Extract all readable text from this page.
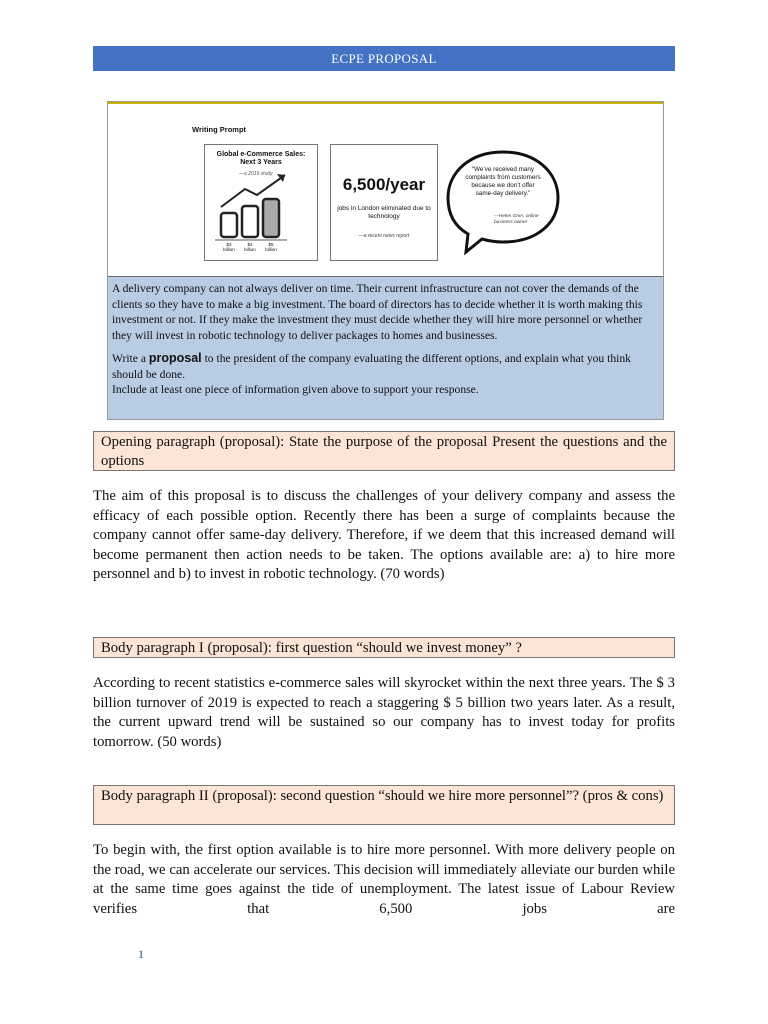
ECPE PROPOSAL
Writing Prompt
Global e-Commerce Sales: Next 3 Years
—a 2019 study
$3 billion
$4 billion
$5 billion
6,500/year
jobs in London eliminated due to technology
—a recent news report
“We’ve received many complaints from customers because we don’t offer same-day delivery.”
—Helen Grier, online business owner

A delivery company can not always deliver on time. Their current infrastructure can not cover the demands of the clients so they have to make a big investment. The board of directors has to decide whether it is worth making this investment or not. If they make the investment they must decide whether they will hire more personnel or whether they will invest in robotic technology to deliver packages to homes and businesses.

Write a proposal to the president of the company evaluating the different options, and explain what you think should be done.

Include at least one piece of information given above to support your response.

Opening paragraph (proposal): State the purpose of the proposal Present the questions and the options
The aim of this proposal is to discuss the challenges of your delivery company and assess the efficacy of each possible option. Recently there has been a surge of complaints because the company cannot offer same-day delivery. Therefore, if we deem that this increased demand will become permanent then action needs to be taken. The options available are: a) to hire more personnel and b) to invest in robotic technology. (70 words)
Body paragraph I (proposal): first question “should we invest money” ?
According to recent statistics e-commerce sales will skyrocket within the next three years. The $ 3 billion turnover of 2019 is expected to reach a staggering $ 5 billion two years later. As a result, the current upward trend will be sustained so our company has to invest today for profits tomorrow. (50 words)
Body paragraph II (proposal): second question “should we hire more personnel”? (pros & cons)
To begin with, the first option available is to hire more personnel. With more delivery people on the road, we can accelerate our services. This decision will immediately alleviate our burden while at the same time goes against the tide of unemployment. The latest issue of Labour Review verifies that 6,500 jobs are
1
